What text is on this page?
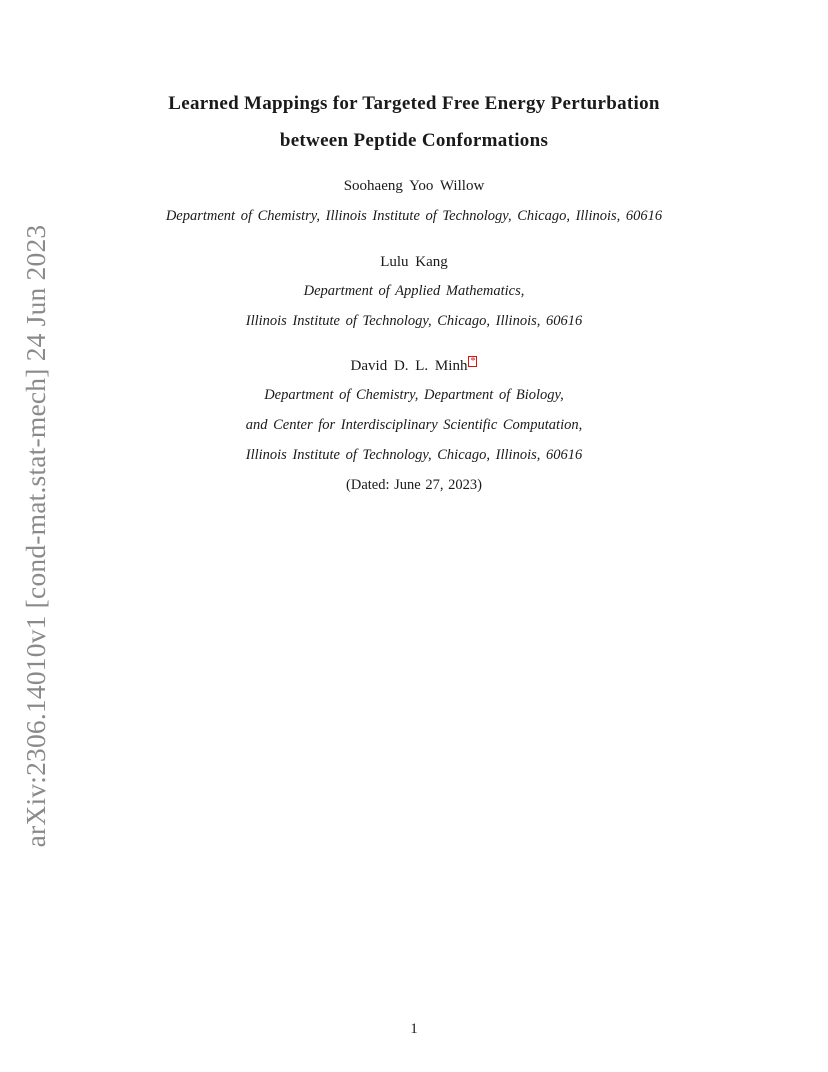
arXiv:2306.14010v1 [cond-mat.stat-mech] 24 Jun 2023
Learned Mappings for Targeted Free Energy Perturbation
between Peptide Conformations
Soohaeng Yoo Willow
Department of Chemistry, Illinois Institute of Technology, Chicago, Illinois, 60616
Lulu Kang
Department of Applied Mathematics,
Illinois Institute of Technology, Chicago, Illinois, 60616
David D. L. Minh *
Department of Chemistry, Department of Biology,
and Center for Interdisciplinary Scientific Computation,
Illinois Institute of Technology, Chicago, Illinois, 60616
(Dated: June 27, 2023)
1
